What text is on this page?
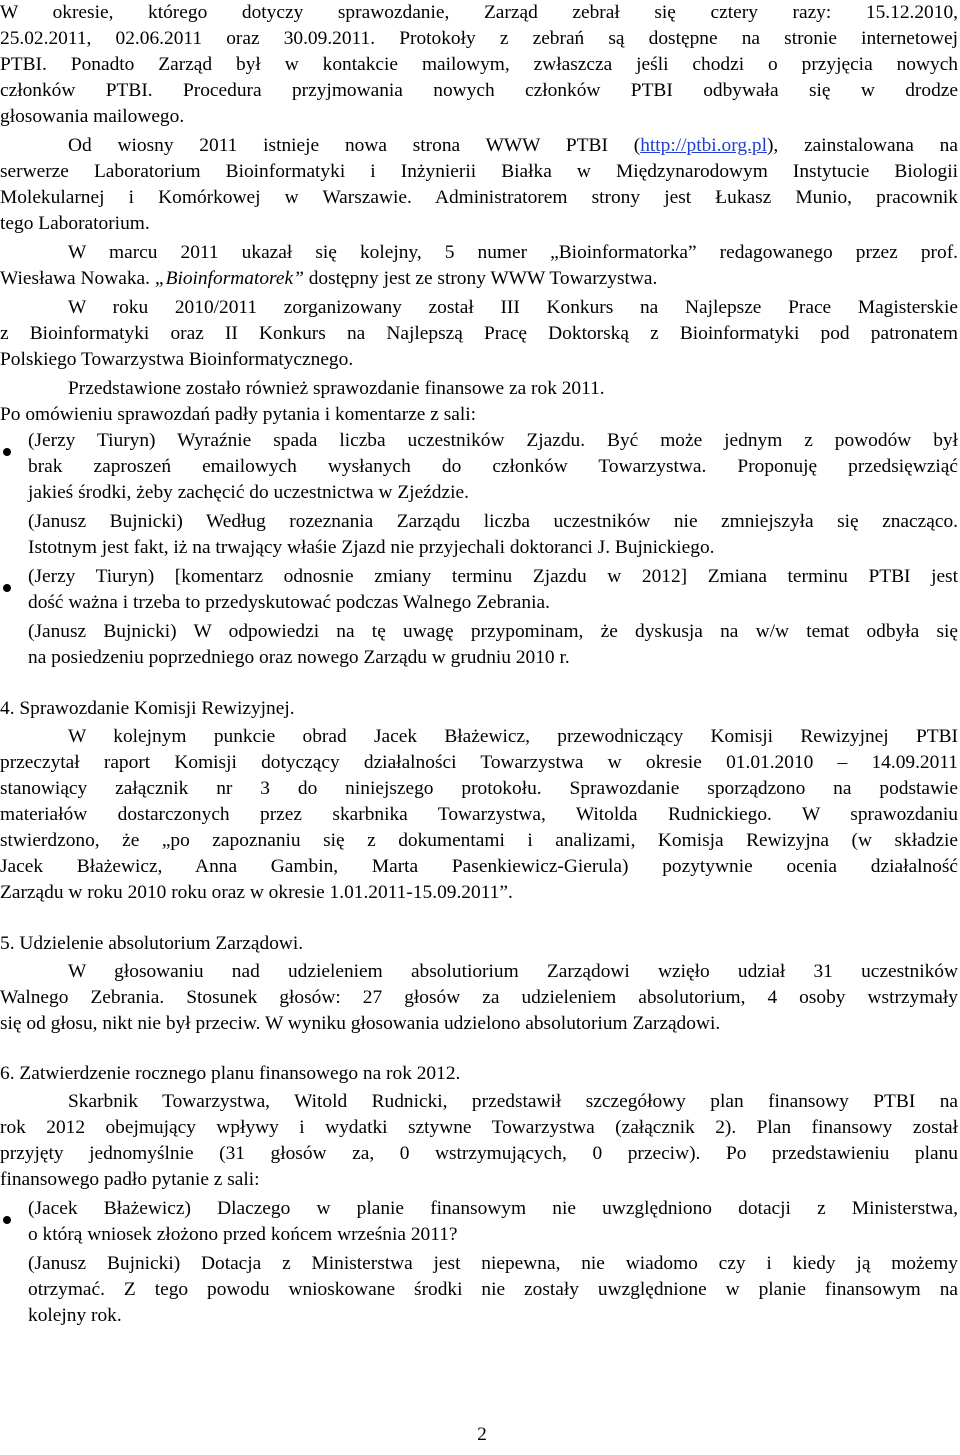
W okresie, którego dotyczy sprawozdanie, Zarząd zebrał się cztery razy: 15.12.2010,
25.02.2011, 02.06.2011 oraz 30.09.2011. Protokoły z zebrań są dostępne na stronie internetowej
PTBI. Ponadto Zarząd był w kontakcie mailowym, zwłaszcza jeśli chodzi o przyjęcia nowych
członków PTBI. Procedura przyjmowania nowych członków PTBI odbywała się w drodze
głosowania mailowego.
Od wiosny 2011 istnieje nowa strona WWW PTBI (http://ptbi.org.pl), zainstalowana na
serwerze Laboratorium Bioinformatyki i Inżynierii Białka w Międzynarodowym Instytucie Biologii
Molekularnej i Komórkowej w Warszawie. Administratorem strony jest Łukasz Munio, pracownik
tego Laboratorium.
W marcu 2011 ukazał się kolejny, 5 numer „Bioinformatorka” redagowanego przez prof.
Wiesława Nowaka. „Bioinformatorek” dostępny jest ze strony WWW Towarzystwa.
W roku 2010/2011 zorganizowany został III Konkurs na Najlepsze Prace Magisterskie
z Bioinformatyki oraz II Konkurs na Najlepszą Pracę Doktorską z Bioinformatyki pod patronatem
Polskiego Towarzystwa Bioinformatycznego.
Przedstawione zostało również sprawozdanie finansowe za rok 2011.
Po omówieniu sprawozdań padły pytania i komentarze z sali:
(Jerzy Tiuryn) Wyraźnie spada liczba uczestników Zjazdu. Być może jednym z powodów był
brak zaproszeń emailowych wysłanych do członków Towarzystwa. Proponuję przedsięwziąć
jakieś środki, żeby zachęcić do uczestnictwa w Zjeździe.
(Janusz Bujnicki) Według rozeznania Zarządu liczba uczestników nie zmniejszyła się znacząco.
Istotnym jest fakt, iż na trwający właśie Zjazd nie przyjechali doktoranci J. Bujnickiego.
(Jerzy Tiuryn) [komentarz odnosnie zmiany terminu Zjazdu w 2012] Zmiana terminu PTBI jest
dość ważna i trzeba to przedyskutować podczas Walnego Zebrania.
(Janusz Bujnicki) W odpowiedzi na tę uwagę przypominam, że dyskusja na w/w temat odbyła się
na posiedzeniu poprzedniego oraz nowego Zarządu w grudniu 2010 r.
4. Sprawozdanie Komisji Rewizyjnej.
W kolejnym punkcie obrad Jacek Błażewicz, przewodniczący Komisji Rewizyjnej PTBI
przeczytał raport Komisji dotyczący działalności Towarzystwa w okresie 01.01.2010 – 14.09.2011
stanowiący załącznik nr 3 do niniejszego protokołu. Sprawozdanie sporządzono na podstawie
materiałów dostarczonych przez skarbnika Towarzystwa, Witolda Rudnickiego. W sprawozdaniu
stwierdzono, że „po zapoznaniu się z dokumentami i analizami, Komisja Rewizyjna (w składzie
Jacek Błażewicz, Anna Gambin, Marta Pasenkiewicz-Gierula) pozytywnie ocenia działalność
Zarządu w roku 2010 roku oraz w okresie 1.01.2011-15.09.2011”.
5. Udzielenie absolutorium Zarządowi.
W głosowaniu nad udzieleniem absolutiorium Zarządowi wzięło udział 31 uczestników
Walnego Zebrania. Stosunek głosów: 27 głosów za udzieleniem absolutorium, 4 osoby wstrzymały
się od głosu, nikt nie był przeciw. W wyniku głosowania udzielono absolutorium Zarządowi.
6. Zatwierdzenie rocznego planu finansowego na rok 2012.
Skarbnik Towarzystwa, Witold Rudnicki, przedstawił szczegółowy plan finansowy PTBI na
rok 2012 obejmujący wpływy i wydatki sztywne Towarzystwa (załącznik 2). Plan finansowy został
przyjęty jednomyślnie (31 głosów za, 0 wstrzymujących, 0 przeciw). Po przedstawieniu planu
finansowego padło pytanie z sali:
(Jacek Błażewicz) Dlaczego w planie finansowym nie uwzględniono dotacji z Ministerstwa,
o którą wniosek złożono przed końcem września 2011?
(Janusz Bujnicki) Dotacja z Ministerstwa jest niepewna, nie wiadomo czy i kiedy ją możemy
otrzymać. Z tego powodu wnioskowane środki nie zostały uwzględnione w planie finansowym na
kolejny rok.
2
